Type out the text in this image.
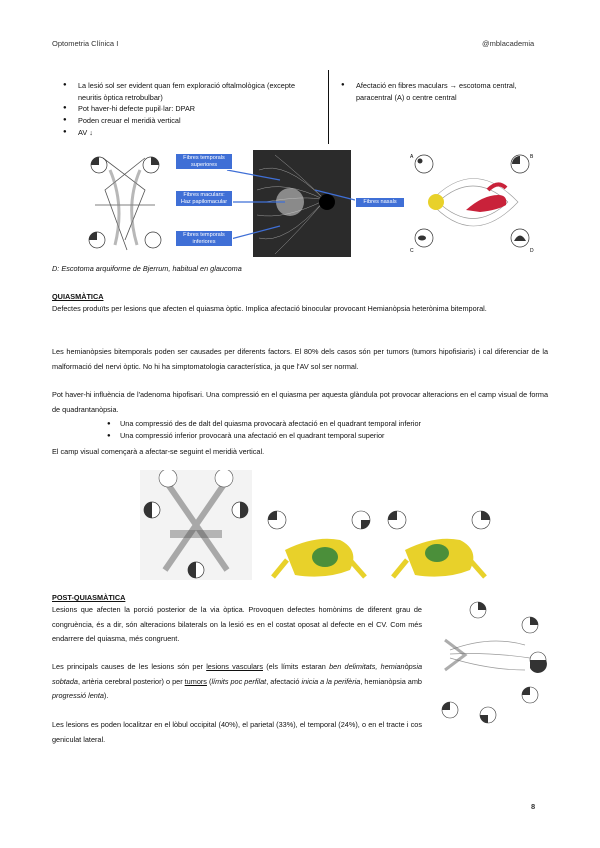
Optometria Clínica I	@mblacademia
● La lesió sol ser evident quan fem exploració oftalmològica (excepte neuritis òptica retrobulbar)
● Pot haver-hi defecte pupil·lar: DPAR
● Poden creuar el meridià vertical
● AV ↓
● Afectació en fibres maculars → escotoma central, paracentral (A) o centre central
Fibres temporals superiores
Fibres maculars: Haz papilomacular
Fibres temporals inferiores
Fibres nasals
A	B
C	D
D: Escotoma arquiforme de Bjerrum, habitual en glaucoma
QUIASMÀTICA
Defectes produïts per lesions que afecten el quiasma òptic. Implica afectació binocular provocant Hemianòpsia heterònima bitemporal.
Les hemianòpsies bitemporals poden ser causades per diferents factors. El 80% dels casos són per tumors (tumors hipofisiaris) i cal diferenciar de la malformació del nervi òptic. No hi ha simptomatologia característica, ja que l'AV sol ser normal.
Pot haver-hi influència de l'adenoma hipofisari. Una compressió en el quiasma per aquesta glàndula pot provocar alteracions en el camp visual de forma de quadrantanòpsia.
● Una compressió des de dalt del quiasma provocarà afectació en el quadrant temporal inferior
● Una compressió inferior provocarà una afectació en el quadrant temporal superior
El camp visual començarà a afectar-se seguint el meridià vertical.
POST-QUIASMÀTICA
Lesions que afecten la porció posterior de la via òptica. Provoquen defectes homònims de diferent grau de congruència, és a dir, són alteracions bilaterals on la lesió es en el costat oposat al defecte en el CV. Com més endarrere del quiasma, més congruent.
Les principals causes de les lesions són per lesions vasculars (els límits estaran ben delimitats, hemianòpsia sobtada, artèria cerebral posterior) o per tumors (límits poc perfilat, afectació inicia a la perifèria, hemianòpsia amb progressió lenta).
Les lesions es poden localitzar en el lòbul occipital (40%), el parietal (33%), el temporal (24%), o en el tracte i cos geniculat lateral.
8
